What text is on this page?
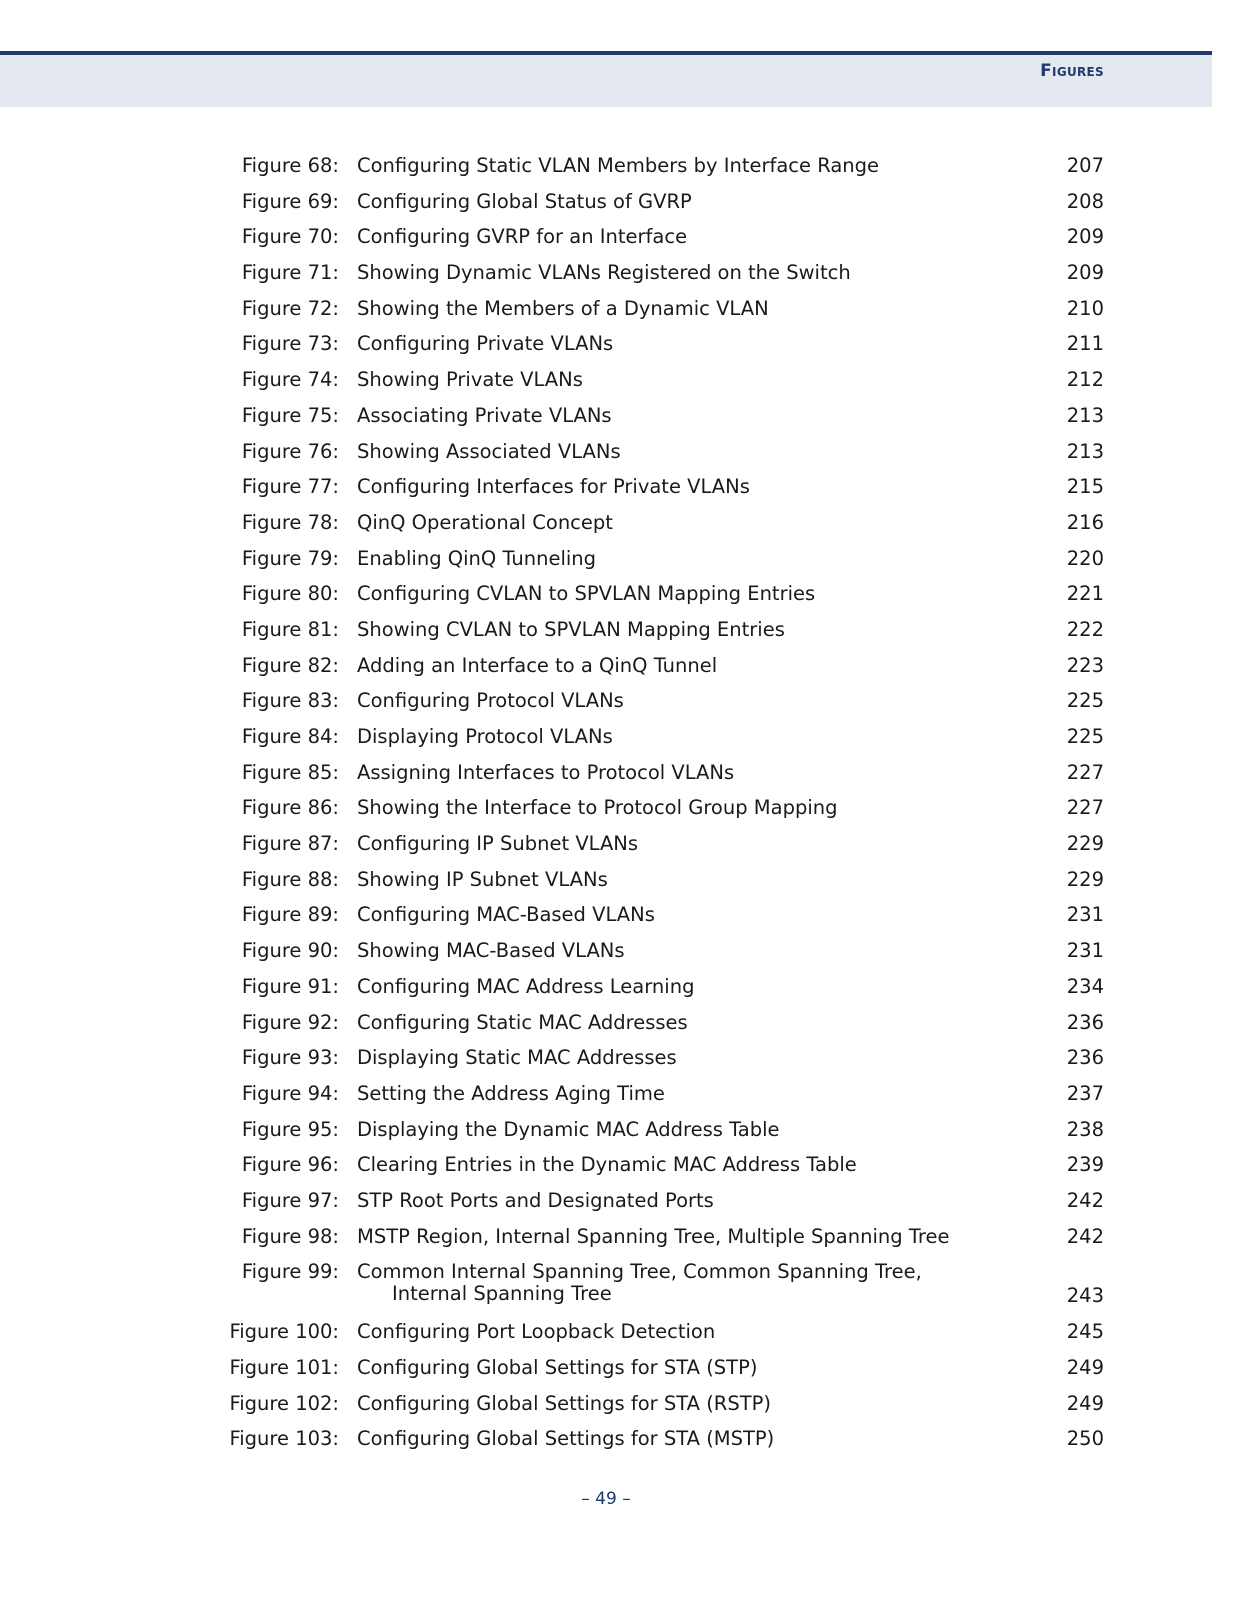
Figures
Figure 68: Configuring Static VLAN Members by Interface Range	207
Figure 69: Configuring Global Status of GVRP	208
Figure 70: Configuring GVRP for an Interface	209
Figure 71: Showing Dynamic VLANs Registered on the Switch	209
Figure 72: Showing the Members of a Dynamic VLAN	210
Figure 73: Configuring Private VLANs	211
Figure 74: Showing Private VLANs	212
Figure 75: Associating Private VLANs	213
Figure 76: Showing Associated VLANs	213
Figure 77: Configuring Interfaces for Private VLANs	215
Figure 78: QinQ Operational Concept	216
Figure 79: Enabling QinQ Tunneling	220
Figure 80: Configuring CVLAN to SPVLAN Mapping Entries	221
Figure 81: Showing CVLAN to SPVLAN Mapping Entries	222
Figure 82: Adding an Interface to a QinQ Tunnel	223
Figure 83: Configuring Protocol VLANs	225
Figure 84: Displaying Protocol VLANs	225
Figure 85: Assigning Interfaces to Protocol VLANs	227
Figure 86: Showing the Interface to Protocol Group Mapping	227
Figure 87: Configuring IP Subnet VLANs	229
Figure 88: Showing IP Subnet VLANs	229
Figure 89: Configuring MAC-Based VLANs	231
Figure 90: Showing MAC-Based VLANs	231
Figure 91: Configuring MAC Address Learning	234
Figure 92: Configuring Static MAC Addresses	236
Figure 93: Displaying Static MAC Addresses	236
Figure 94: Setting the Address Aging Time	237
Figure 95: Displaying the Dynamic MAC Address Table	238
Figure 96: Clearing Entries in the Dynamic MAC Address Table	239
Figure 97: STP Root Ports and Designated Ports	242
Figure 98: MSTP Region, Internal Spanning Tree, Multiple Spanning Tree	242
Figure 99: Common Internal Spanning Tree, Common Spanning Tree,
Internal Spanning Tree	243
Figure 100: Configuring Port Loopback Detection	245
Figure 101: Configuring Global Settings for STA (STP)	249
Figure 102: Configuring Global Settings for STA (RSTP)	249
Figure 103: Configuring Global Settings for STA (MSTP)	250
– 49 –
